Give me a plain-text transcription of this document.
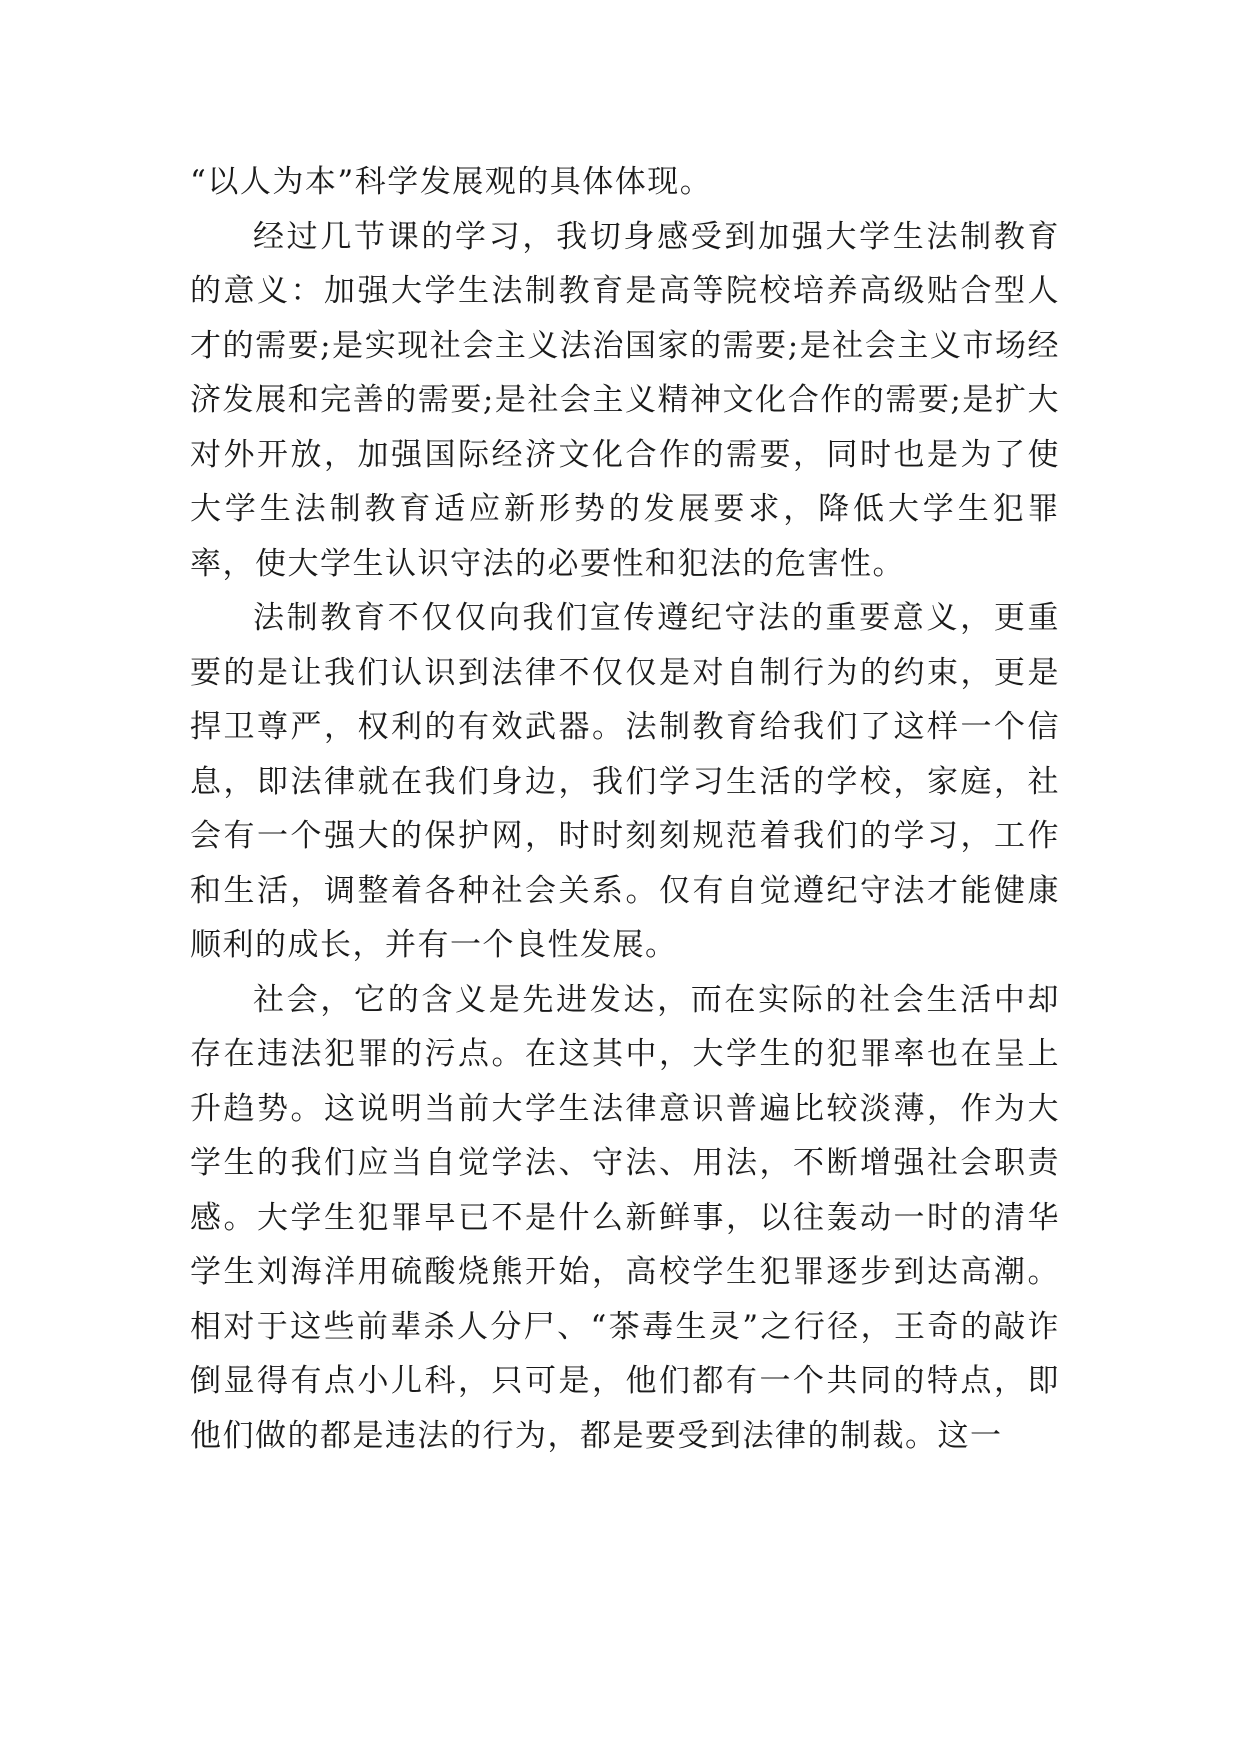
“以人为本”科学发展观的具体体现。

经过几节课的学习，我切身感受到加强大学生法制教育的意义：加强大学生法制教育是高等院校培养高级贴合型人才的需要;是实现社会主义法治国家的需要;是社会主义市场经济发展和完善的需要;是社会主义精神文化合作的需要;是扩大对外开放，加强国际经济文化合作的需要，同时也是为了使大学生法制教育适应新形势的发展要求，降低大学生犯罪率，使大学生认识守法的必要性和犯法的危害性。

法制教育不仅仅向我们宣传遵纪守法的重要意义，更重要的是让我们认识到法律不仅仅是对自制行为的约束，更是捍卫尊严，权利的有效武器。法制教育给我们了这样一个信息，即法律就在我们身边，我们学习生活的学校，家庭，社会有一个强大的保护网，时时刻刻规范着我们的学习，工作和生活，调整着各种社会关系。仅有自觉遵纪守法才能健康顺利的成长，并有一个良性发展。

社会，它的含义是先进发达，而在实际的社会生活中却存在违法犯罪的污点。在这其中，大学生的犯罪率也在呈上升趋势。这说明当前大学生法律意识普遍比较淡薄，作为大学生的我们应当自觉学法、守法、用法，不断增强社会职责感。大学生犯罪早已不是什么新鲜事，以往轰动一时的清华学生刘海洋用硫酸烧熊开始，高校学生犯罪逐步到达高潮。相对于这些前辈杀人分尸、“茶毒生灵”之行径，王奇的敲诈倒显得有点小儿科，只可是，他们都有一个共同的特点，即他们做的都是违法的行为，都是要受到法律的制裁。这一
